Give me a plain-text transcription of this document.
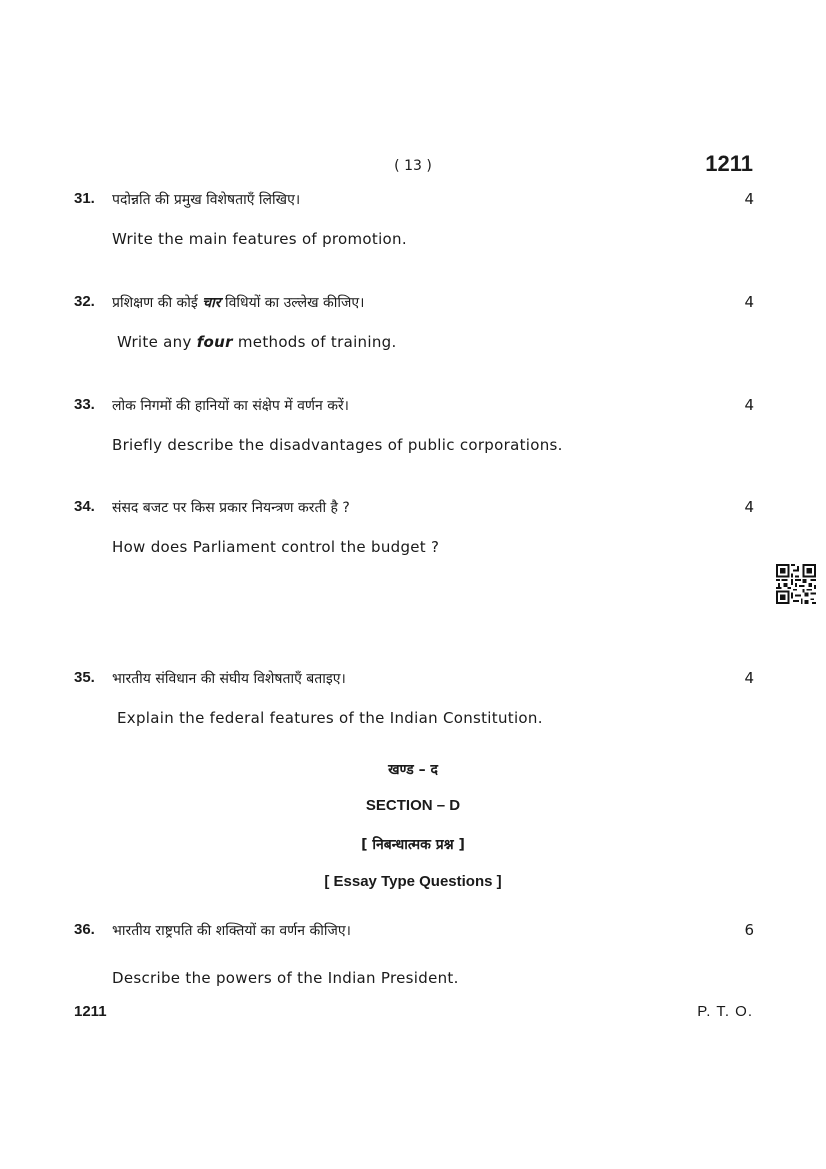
( 13 )	1211
31. पदोन्नति की प्रमुख विशेषताएँ लिखिए।	4
Write the main features of promotion.
32. प्रशिक्षण की कोई चार विधियों का उल्लेख कीजिए।	4
Write any four methods of training.
33. लोक निगमों की हानियों का संक्षेप में वर्णन करें।	4
Briefly describe the disadvantages of public corporations.
34. संसद बजट पर किस प्रकार नियन्त्रण करती है ?	4
How does Parliament control the budget ?
35. भारतीय संविधान की संघीय विशेषताएँ बताइए।	4
Explain the federal features of the Indian Constitution.
खण्ड – द
SECTION – D
[ निबन्धात्मक प्रश्न ]
[ Essay Type Questions ]
36. भारतीय राष्ट्रपति की शक्तियों का वर्णन कीजिए।	6
Describe the powers of the Indian President.
1211	P. T. O.
